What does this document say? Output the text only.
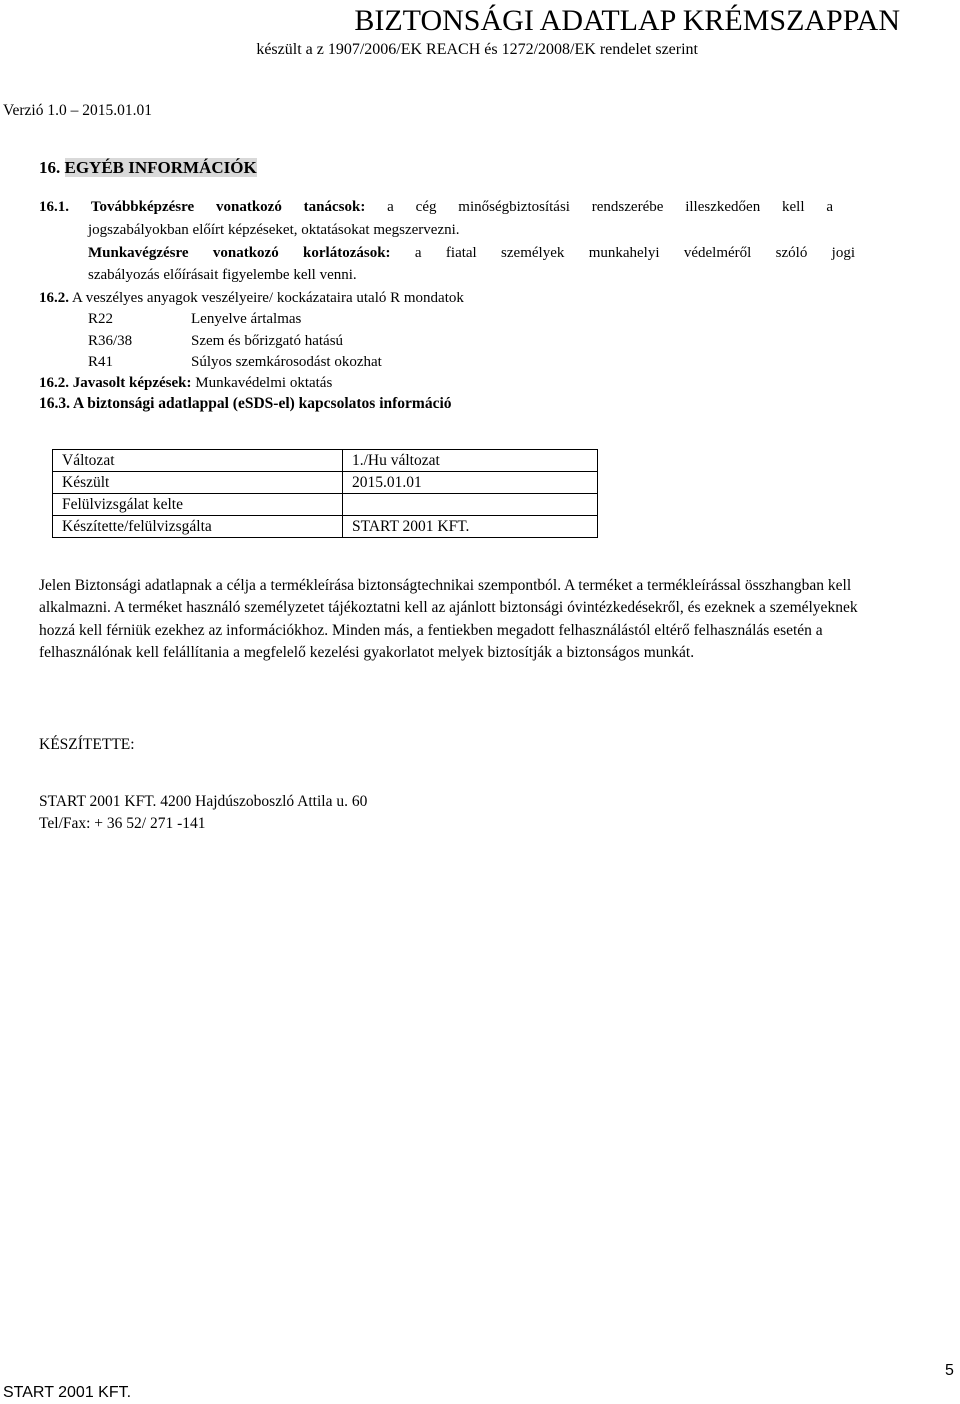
BIZTONSÁGI ADATLAP KRÉMSZAPPAN
készült a z 1907/2006/EK REACH és 1272/2008/EK rendelet szerint
Verzió 1.0 – 2015.01.01
16. EGYÉB INFORMÁCIÓK
16.1. Továbbképzésre vonatkozó tanácsok: a cég minőségbiztosítási rendszerébe illeszkedően kell a
jogszabályokban előírt képzéseket, oktatásokat megszervezni.
Munkavégzésre vonatkozó korlátozások: a fiatal személyek munkahelyi védelméről szóló jogi
szabályozás előírásait figyelembe kell venni.
16.2. A veszélyes anyagok veszélyeire/ kockázataira utaló R mondatok
R22	Lenyelve ártalmas
R36/38	Szem és bőrizgató hatású
R41	Súlyos szemkárosodást okozhat
16.2. Javasolt képzések: Munkavédelmi oktatás
16.3. A biztonsági adatlappal (eSDS-el) kapcsolatos információ
Változat	1./Hu változat
Készült	2015.01.01
Felülvizsgálat kelte	
Készítette/felülvizsgálta	START 2001 KFT.
Jelen Biztonsági adatlapnak a célja a termékleírása biztonságtechnikai szempontból. A terméket a termékleírással összhangban kell alkalmazni. A terméket használó személyzetet tájékoztatni kell az ajánlott biztonsági óvintézkedésekről, és ezeknek a személyeknek hozzá kell férniük ezekhez az információkhoz. Minden más, a fentiekben megadott felhasználástól eltérő felhasználás esetén a felhasználónak kell felállítania a megfelelő kezelési gyakorlatot melyek biztosítják a biztonságos munkát.
KÉSZÍTETTE:
START 2001 KFT. 4200 Hajdúszoboszló Attila u. 60
Tel/Fax: + 36 52/ 271 -141
5
START 2001 KFT.
